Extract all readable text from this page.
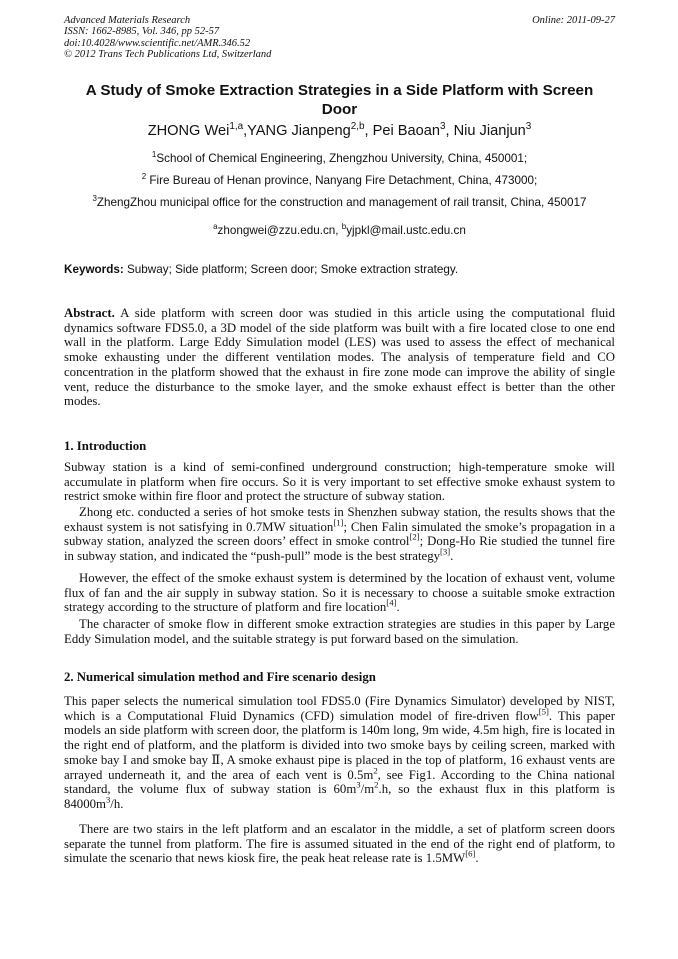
Advanced Materials Research
ISSN: 1662-8985, Vol. 346, pp 52-57
doi:10.4028/www.scientific.net/AMR.346.52
© 2012 Trans Tech Publications Ltd, Switzerland
Online: 2011-09-27
A Study of Smoke Extraction Strategies in a Side Platform with Screen
Door
ZHONG Wei$^{1,a}$,YANG Jianpeng$^{2,b}$, Pei Baoan$^3$, Niu Jianjun$^3$
$^1$School of Chemical Engineering, Zhengzhou University, China, 450001;
$^2$ Fire Bureau of Henan province, Nanyang Fire Detachment, China, 473000;
$^3$ZhengZhou municipal office for the construction and management of rail transit, China, 450017
$^a$zhongwei@zzu.edu.cn, $^b$yjpkl@mail.ustc.edu.cn
Keywords: Subway; Side platform; Screen door; Smoke extraction strategy.
Abstract. A side platform with screen door was studied in this article using the computational fluid dynamics software FDS5.0, a 3D model of the side platform was built with a fire located close to one end wall in the platform. Large Eddy Simulation model (LES) was used to assess the effect of mechanical smoke exhausting under the different ventilation modes. The analysis of temperature field and CO concentration in the platform showed that the exhaust in fire zone mode can improve the ability of single vent, reduce the disturbance to the smoke layer, and the smoke exhaust effect is better than the other modes.
1. Introduction
Subway station is a kind of semi-confined underground construction; high-temperature smoke will accumulate in platform when fire occurs. So it is very important to set effective smoke exhaust system to restrict smoke within fire floor and protect the structure of subway station.
Zhong etc. conducted a series of hot smoke tests in Shenzhen subway station, the results shows that the exhaust system is not satisfying in 0.7MW situation[1]; Chen Falin simulated the smoke’s propagation in a subway station, analyzed the screen doors’ effect in smoke control[2]; Dong-Ho Rie studied the tunnel fire in subway station, and indicated the “push-pull” mode is the best strategy[3].
However, the effect of the smoke exhaust system is determined by the location of exhaust vent, volume flux of fan and the air supply in subway station. So it is necessary to choose a suitable smoke extraction strategy according to the structure of platform and fire location[4].
The character of smoke flow in different smoke extraction strategies are studies in this paper by Large Eddy Simulation model, and the suitable strategy is put forward based on the simulation.
2. Numerical simulation method and Fire scenario design
This paper selects the numerical simulation tool FDS5.0 (Fire Dynamics Simulator) developed by NIST, which is a Computational Fluid Dynamics (CFD) simulation model of fire-driven flow[5]. This paper models an side platform with screen door, the platform is 140m long, 9m wide, 4.5m high, fire is located in the right end of platform, and the platform is divided into two smoke bays by ceiling screen, marked with smoke bay I and smoke bay Ⅱ, A smoke exhaust pipe is placed in the top of platform, 16 exhaust vents are arrayed underneath it, and the area of each vent is $0.5m^2$, see Fig1. According to the China national standard, the volume flux of subway station is $60m^3/m^2.h$, so the exhaust flux in this platform is $84000m^3/h$.
There are two stairs in the left platform and an escalator in the middle, a set of platform screen doors separate the tunnel from platform. The fire is assumed situated in the end of the right end of platform, to simulate the scenario that news kiosk fire, the peak heat release rate is 1.5MW[6].
